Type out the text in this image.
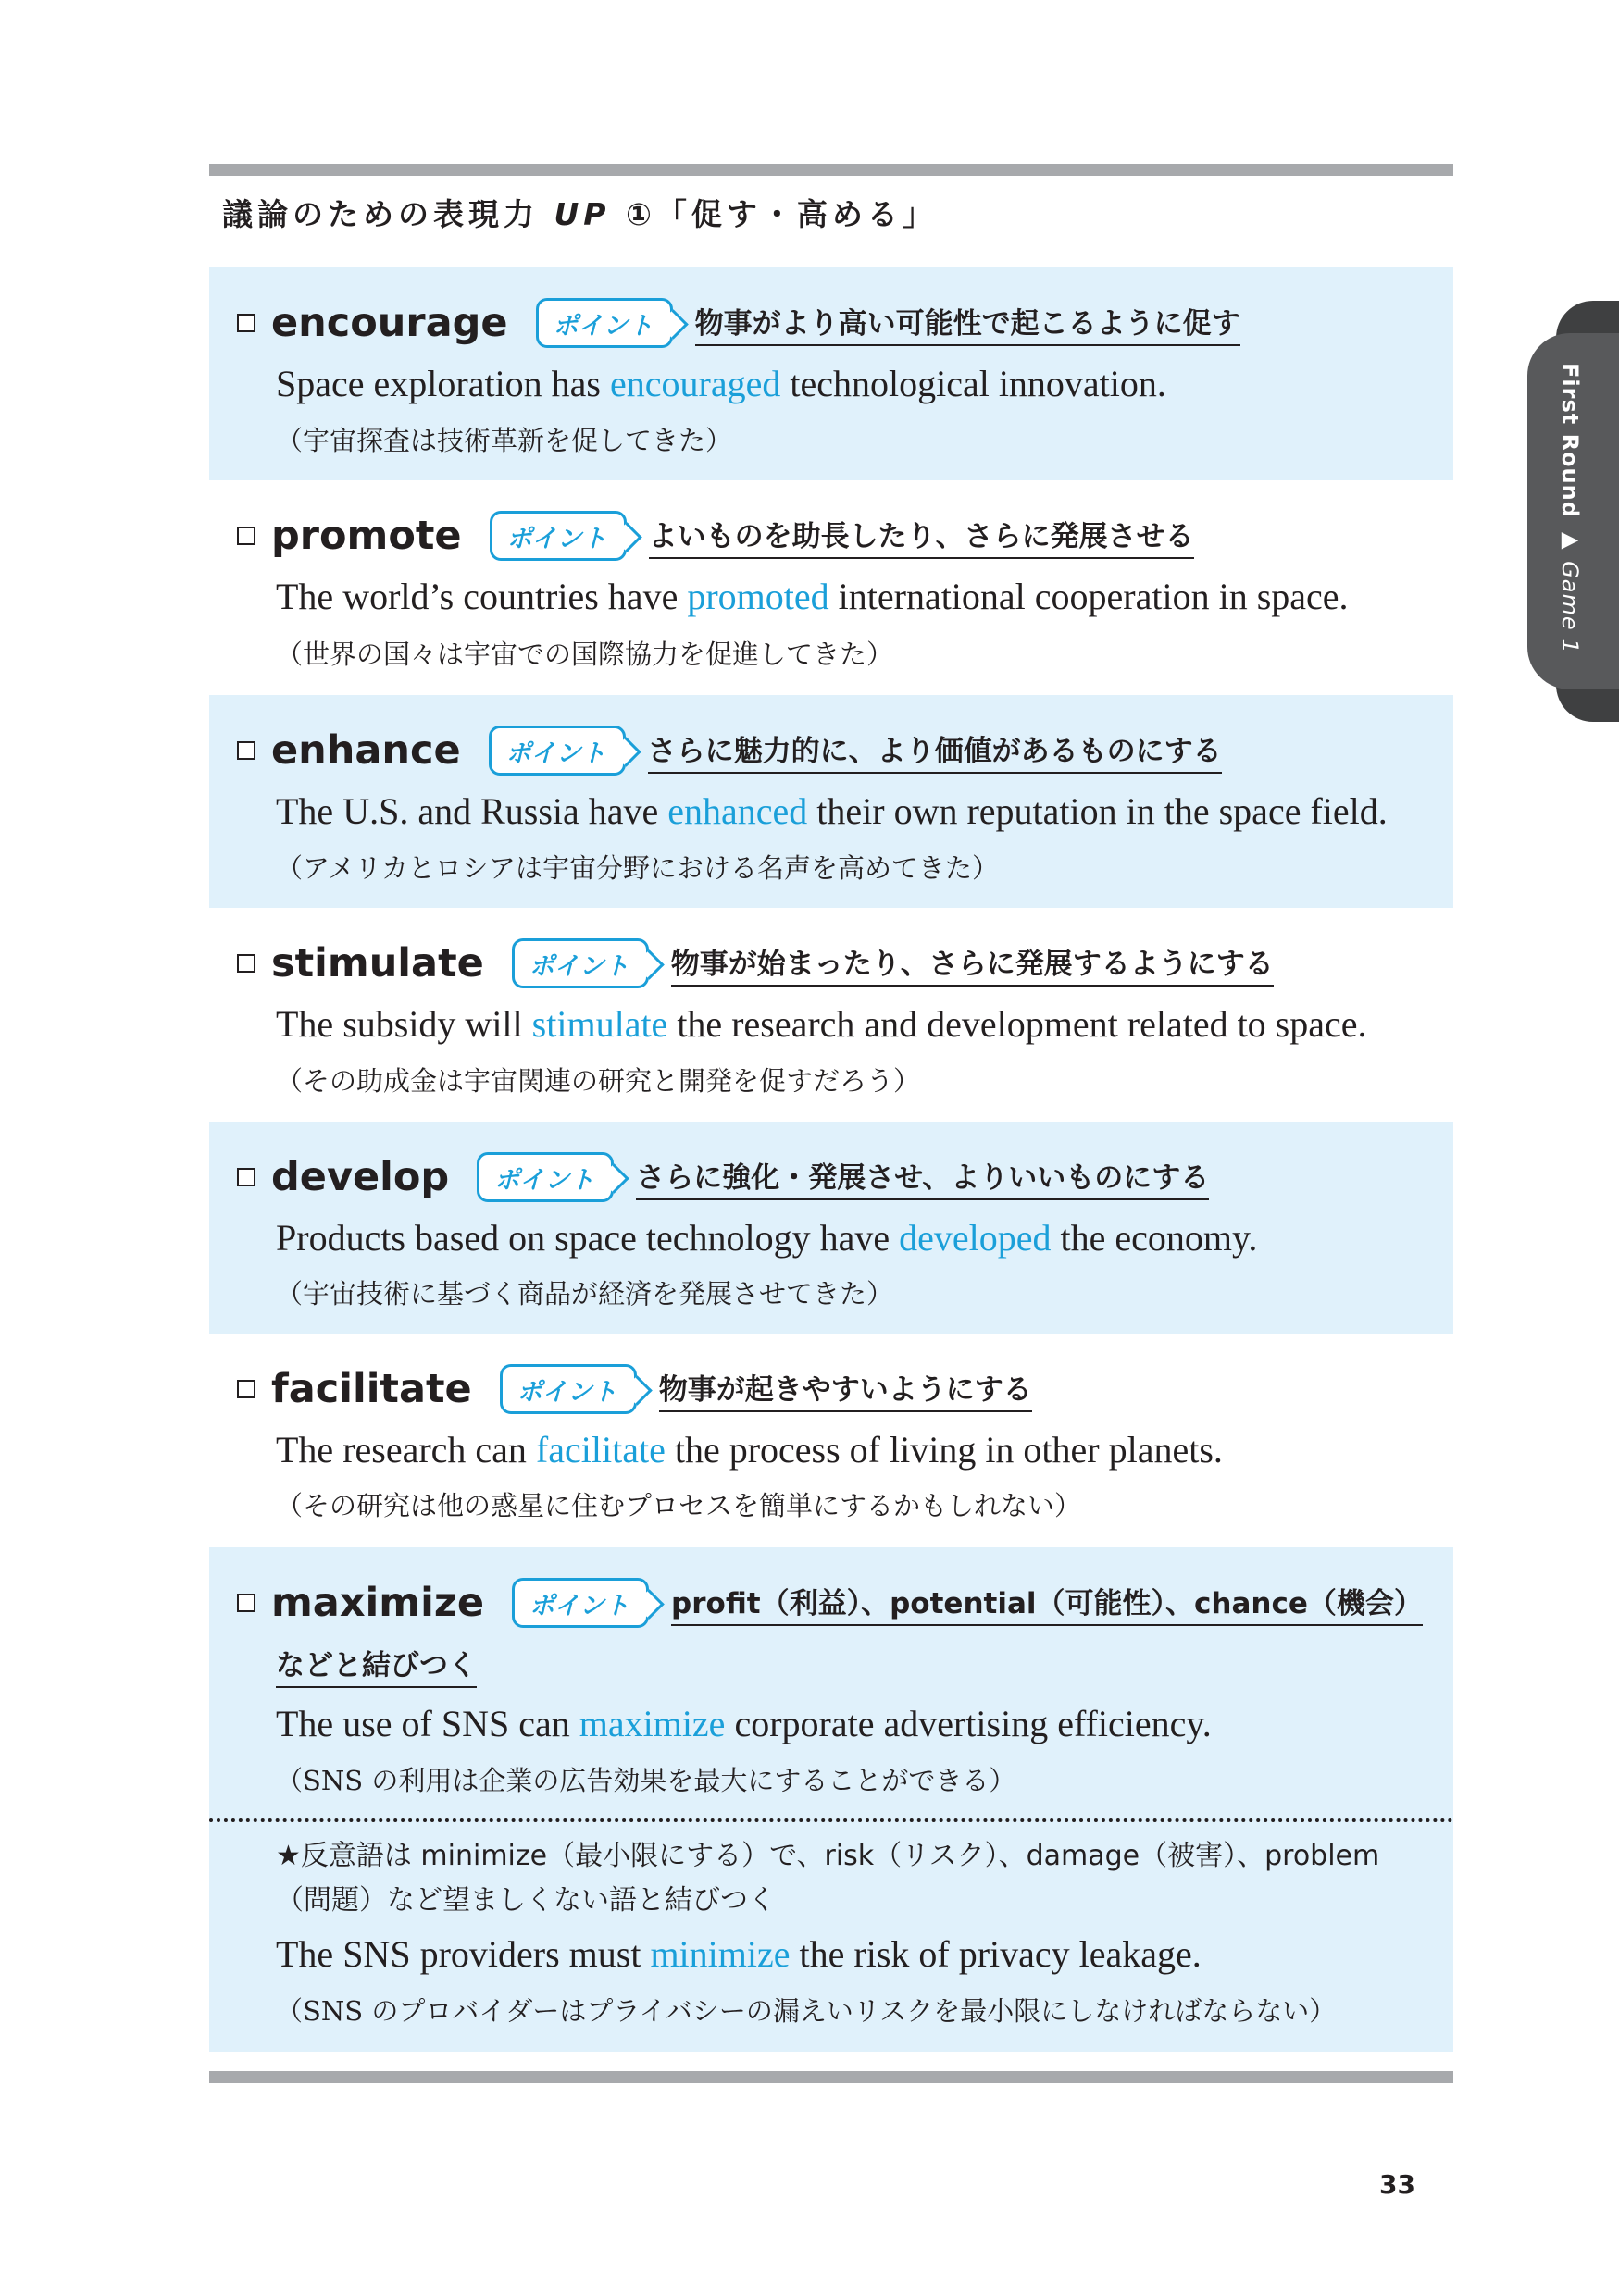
議論のための表現力 UP ①「促す・高める」
encourage ポイント 物事がより高い可能性で起こるように促す
Space exploration has encouraged technological innovation.
（宇宙探査は技術革新を促してきた）
promote ポイント よいものを助長したり、さらに発展させる
The world’s countries have promoted international cooperation in space.
（世界の国々は宇宙での国際協力を促進してきた）
enhance ポイント さらに魅力的に、より価値があるものにする
The U.S. and Russia have enhanced their own reputation in the space field.
（アメリカとロシアは宇宙分野における名声を高めてきた）
stimulate ポイント 物事が始まったり、さらに発展するようにする
The subsidy will stimulate the research and development related to space.
（その助成金は宇宙関連の研究と開発を促すだろう）
develop ポイント さらに強化・発展させ、よりいいものにする
Products based on space technology have developed the economy.
（宇宙技術に基づく商品が経済を発展させてきた）
facilitate ポイント 物事が起きやすいようにする
The research can facilitate the process of living in other planets.
（その研究は他の惑星に住むプロセスを簡単にするかもしれない）
maximize ポイント profit（利益）、potential（可能性）、chance（機会）
などと結びつく
The use of SNS can maximize corporate advertising efficiency.
（SNS の利用は企業の広告効果を最大にすることができる）
★反意語は minimize（最小限にする）で、risk（リスク）、damage（被害）、problem（問題）など望ましくない語と結びつく
The SNS providers must minimize the risk of privacy leakage.
（SNS のプロバイダーはプライバシーの漏えいリスクを最小限にしなければならない）
First Round ▶ Game 1
33
